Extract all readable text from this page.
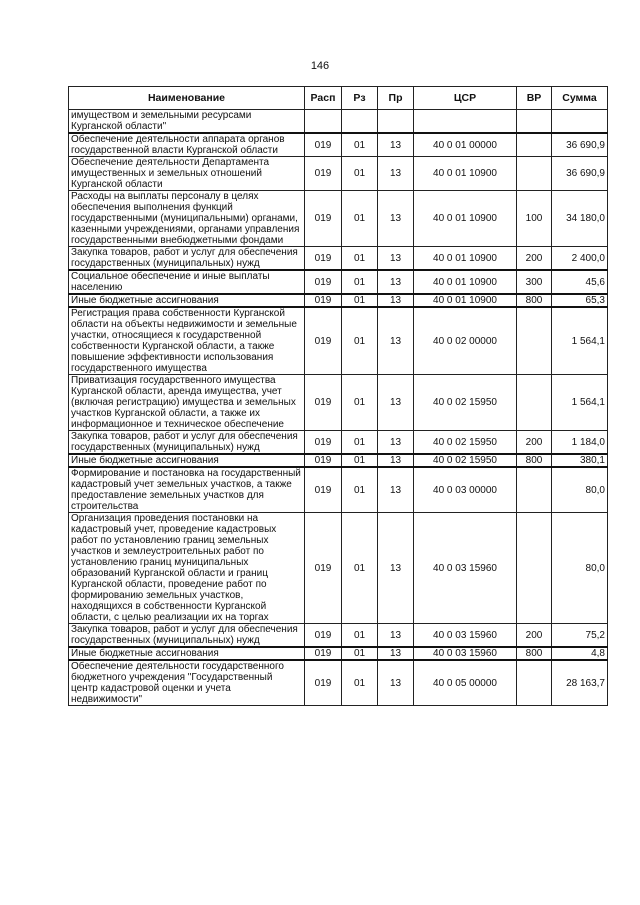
146
Наименование	Расп	Рз	Пр	ЦСР	ВР	Сумма
имуществом и земельными ресурсами Курганской области"						
Обеспечение деятельности аппарата органов государственной власти Курганской области	019	01	13	40 0 01 00000		36 690,9
Обеспечение деятельности Департамента имущественных и земельных отношений Курганской области	019	01	13	40 0 01 10900		36 690,9
Расходы на выплаты персоналу в целях обеспечения выполнения функций государственными (муниципальными) органами, казенными учреждениями, органами управления государственными внебюджетными фондами	019	01	13	40 0 01 10900	100	34 180,0
Закупка товаров, работ и услуг для обеспечения государственных (муниципальных) нужд	019	01	13	40 0 01 10900	200	2 400,0
Социальное обеспечение и иные выплаты населению	019	01	13	40 0 01 10900	300	45,6
Иные бюджетные ассигнования	019	01	13	40 0 01 10900	800	65,3
Регистрация права собственности Курганской области на объекты недвижимости и земельные участки, относящиеся к государственной собственности Курганской области, а также повышение эффективности использования государственного имущества	019	01	13	40 0 02 00000		1 564,1
Приватизация государственного имущества Курганской области, аренда имущества, учет (включая регистрацию) имущества и земельных участков Курганской области, а также их информационное и техническое обеспечение	019	01	13	40 0 02 15950		1 564,1
Закупка товаров, работ и услуг для обеспечения государственных (муниципальных) нужд	019	01	13	40 0 02 15950	200	1 184,0
Иные бюджетные ассигнования	019	01	13	40 0 02 15950	800	380,1
Формирование и постановка на государственный кадастровый учет земельных участков, а также предоставление земельных участков для строительства	019	01	13	40 0 03 00000		80,0
Организация проведения постановки на кадастровый учет, проведение кадастровых работ по установлению границ земельных участков и землеустроительных работ по установлению границ муниципальных образований Курганской области и границ Курганской области, проведение работ по формированию земельных участков, находящихся в собственности Курганской области, с целью реализации их на торгах	019	01	13	40 0 03 15960		80,0
Закупка товаров, работ и услуг для обеспечения государственных (муниципальных) нужд	019	01	13	40 0 03 15960	200	75,2
Иные бюджетные ассигнования	019	01	13	40 0 03 15960	800	4,8
Обеспечение деятельности государственного бюджетного учреждения "Государственный центр кадастровой оценки и учета недвижимости"	019	01	13	40 0 05 00000		28 163,7
